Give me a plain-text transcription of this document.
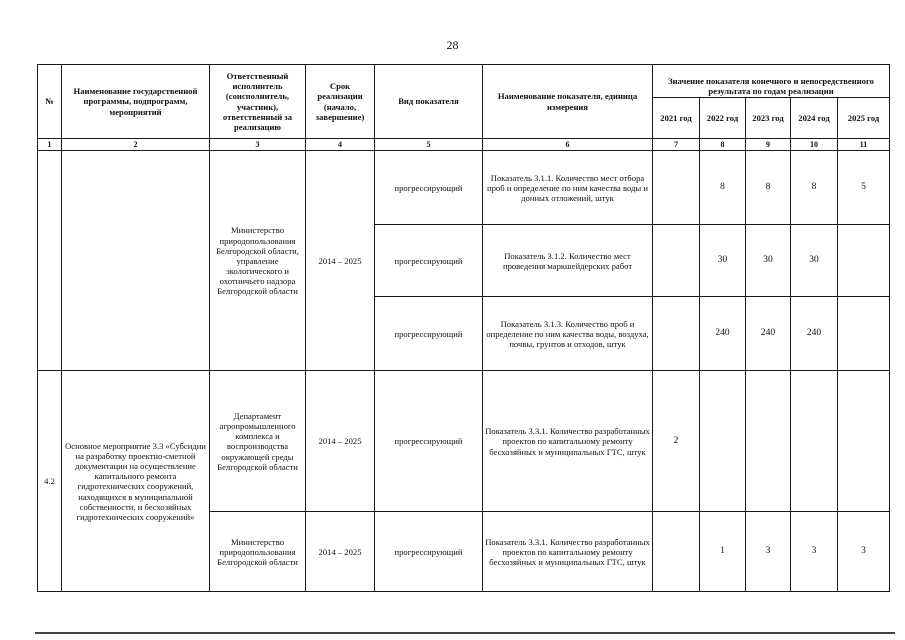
28
№	Наименование государственной программы, подпрограмм, мероприятий	Ответственный исполнитель (соисполнитель, участник), ответственный за реализацию	Срок реализации (начало, завершение)	Вид показателя	Наименование показателя, единица измерения	Значение показателя конечного и непосредственного результата по годам реализации				
						2021 год	2022 год	2023 год	2024 год	2025 год
1	2	3	4	5	6	7	8	9	10	11
		Министерство природопользования Белгородской области, управление экологического и охотничьего надзора Белгородской области	2014 – 2025	прогрессирующий	Показатель 3.1.1. Количество мест отбора проб и определение по ним качества воды и донных отложений, штук		8	8	8	5
				прогрессирующий	Показатель 3.1.2. Количество мест проведения маркшейдерских работ		30	30	30	
				прогрессирующий	Показатель 3.1.3. Количество проб и определение по ним качества воды, воздуха, почвы, грунтов и отходов, штук		240	240	240	
4.2	Основное мероприятие 3.3 «Субсидии на разработку проектно-сметной документации на осуществление капитального ремонта гидротехнических сооружений, находящихся в муниципальной собственности, и бесхозяйных гидротехнических сооружений»	Департамент агропромышленного комплекса и воспроизводства окружающей среды Белгородской области	2014 – 2025	прогрессирующий	Показатель 3.3.1. Количество разработанных проектов по капитальному ремонту бесхозяйных и муниципальных ГТС, штук	2				
		Министерство природопользования Белгородской области	2014 – 2025	прогрессирующий	Показатель 3.3.1. Количество разработанных проектов по капитальному ремонту бесхозяйных и муниципальных ГТС, штук		1	3	3	3
